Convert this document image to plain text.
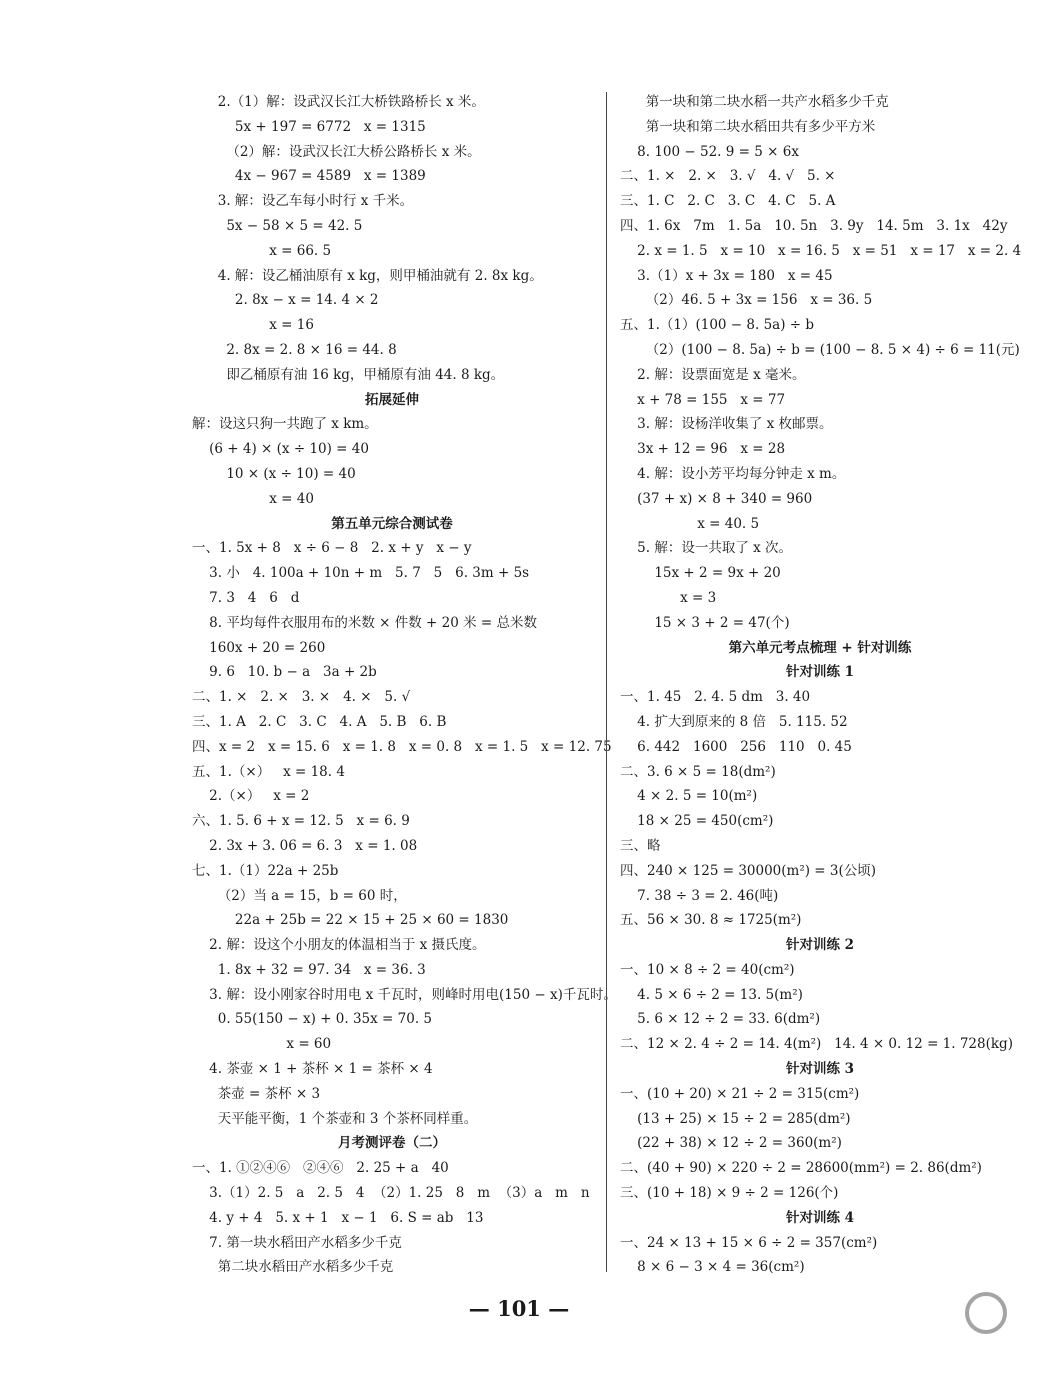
2.（1）解：设武汉长江大桥铁路桥长 x 米。
5x + 197 = 6772   x = 1315
（2）解：设武汉长江大桥公路桥长 x 米。
4x − 967 = 4589   x = 1389
3. 解：设乙车每小时行 x 千米。
5x − 58 × 5 = 42. 5
x = 66. 5
4. 解：设乙桶油原有 x kg，则甲桶油就有 2. 8x kg。
2. 8x − x = 14. 4 × 2
x = 16
2. 8x = 2. 8 × 16 = 44. 8
即乙桶原有油 16 kg，甲桶原有油 44. 8 kg。
拓展延伸
解：设这只狗一共跑了 x km。
(6 + 4) × (x ÷ 10) = 40
10 × (x ÷ 10) = 40
x = 40
第五单元综合测试卷
一、1. 5x + 8   x ÷ 6 − 8   2. x + y   x − y
3. 小   4. 100a + 10n + m   5. 7   5   6. 3m + 5s
7. 3   4   6   d
8. 平均每件衣服用布的米数 × 件数 + 20 米 = 总米数
160x + 20 = 260
9. 6   10. b − a   3a + 2b
二、1. ×   2. ×   3. ×   4. ×   5. √
三、1. A   2. C   3. C   4. A   5. B   6. B
四、x = 2   x = 15. 6   x = 1. 8   x = 0. 8   x = 1. 5   x = 12. 75
五、1.（×）   x = 18. 4
2.（×）   x = 2
六、1. 5. 6 + x = 12. 5   x = 6. 9
2. 3x + 3. 06 = 6. 3   x = 1. 08
七、1.（1）22a + 25b
（2）当 a = 15，b = 60 时，
22a + 25b = 22 × 15 + 25 × 60 = 1830
2. 解：设这个小朋友的体温相当于 x 摄氏度。
1. 8x + 32 = 97. 34   x = 36. 3
3. 解：设小刚家谷时用电 x 千瓦时，则峰时用电(150 − x)千瓦时。
0. 55(150 − x) + 0. 35x = 70. 5
x = 60
4. 茶壶 × 1 + 茶杯 × 1 = 茶杯 × 4
茶壶 = 茶杯 × 3
天平能平衡，1 个茶壶和 3 个茶杯同样重。
月考测评卷（二）
一、1. ①②④⑥   ②④⑥   2. 25 + a   40
3.（1）2. 5   a   2. 5   4  （2）1. 25   8   m  （3）a   m   n
4. y + 4   5. x + 1   x − 1   6. S = ab   13
7. 第一块水稻田产水稻多少千克
第二块水稻田产水稻多少千克
第一块和第二块水稻一共产水稻多少千克
第一块和第二块水稻田共有多少平方米
8. 100 − 52. 9 = 5 × 6x
二、1. ×   2. ×   3. √   4. √   5. ×
三、1. C   2. C   3. C   4. C   5. A
四、1. 6x   7m   1. 5a   10. 5n   3. 9y   14. 5m   3. 1x   42y
2. x = 1. 5   x = 10   x = 16. 5   x = 51   x = 17   x = 2. 4
3.（1）x + 3x = 180   x = 45
（2）46. 5 + 3x = 156   x = 36. 5
五、1.（1）(100 − 8. 5a) ÷ b
（2）(100 − 8. 5a) ÷ b = (100 − 8. 5 × 4) ÷ 6 = 11(元)
2. 解：设票面宽是 x 毫米。
x + 78 = 155   x = 77
3. 解：设杨洋收集了 x 枚邮票。
3x + 12 = 96   x = 28
4. 解：设小芳平均每分钟走 x m。
(37 + x) × 8 + 340 = 960
x = 40. 5
5. 解：设一共取了 x 次。
15x + 2 = 9x + 20
x = 3
15 × 3 + 2 = 47(个)
第六单元考点梳理 + 针对训练
针对训练 1
一、1. 45   2. 4. 5 dm   3. 40
4. 扩大到原来的 8 倍   5. 115. 52
6. 442   1600   256   110   0. 45
二、3. 6 × 5 = 18(dm²)
4 × 2. 5 = 10(m²)
18 × 25 = 450(cm²)
三、略
四、240 × 125 = 30000(m²) = 3(公顷)
7. 38 ÷ 3 = 2. 46(吨)
五、56 × 30. 8 ≈ 1725(m²)
针对训练 2
一、10 × 8 ÷ 2 = 40(cm²)
4. 5 × 6 ÷ 2 = 13. 5(m²)
5. 6 × 12 ÷ 2 = 33. 6(dm²)
二、12 × 2. 4 ÷ 2 = 14. 4(m²)   14. 4 × 0. 12 = 1. 728(kg)
针对训练 3
一、(10 + 20) × 21 ÷ 2 = 315(cm²)
(13 + 25) × 15 ÷ 2 = 285(dm²)
(22 + 38) × 12 ÷ 2 = 360(m²)
二、(40 + 90) × 220 ÷ 2 = 28600(mm²) = 2. 86(dm²)
三、(10 + 18) × 9 ÷ 2 = 126(个)
针对训练 4
一、24 × 13 + 15 × 6 ÷ 2 = 357(cm²)
8 × 6 − 3 × 4 = 36(cm²)
— 101 —
